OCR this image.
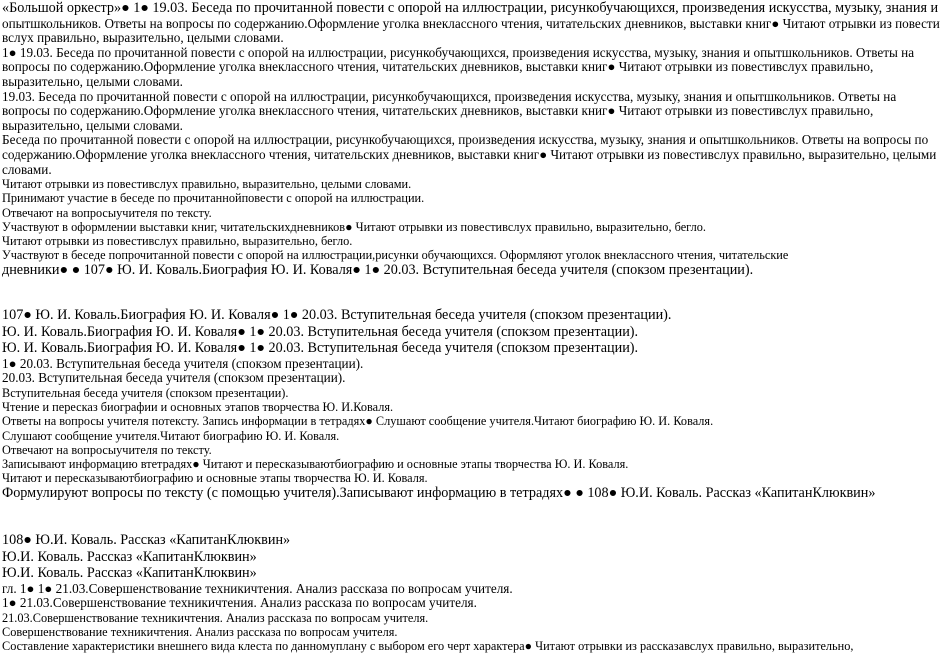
«Большой оркестр»● 1● 19.03. Беседа по прочитанной повести с опорой на иллюстрации, рисункобучающихся, произведения искусства, музыку, знания и

опытшкольников. Ответы на вопросы по содержанию.Оформление уголка внеклассного чтения, читательских дневников, выставки книг● Читают отрывки из повести

вслух правильно, выразительно, целыми словами.

1● 19.03. Беседа по прочитанной повести с опорой на иллюстрации, рисункобучающихся, произведения искусства, музыку, знания и опытшкольников. Ответы на

вопросы по содержанию.Оформление уголка внеклассного чтения, читательских дневников, выставки книг● Читают отрывки из повестивслух правильно,

выразительно, целыми словами.

19.03. Беседа по прочитанной повести с опорой на иллюстрации, рисункобучающихся, произведения искусства, музыку, знания и опытшкольников. Ответы на

вопросы по содержанию.Оформление уголка внеклассного чтения, читательских дневников, выставки книг● Читают отрывки из повестивслух правильно,

выразительно, целыми словами.

Беседа по прочитанной повести с опорой на иллюстрации, рисункобучающихся, произведения искусства, музыку, знания и опытшкольников. Ответы на вопросы по

содержанию.Оформление уголка внеклассного чтения, читательских дневников, выставки книг● Читают отрывки из повестивслух правильно, выразительно, целыми

словами.

Читают отрывки из повестивслух правильно, выразительно, целыми словами.

Принимают участие в беседе по прочитаннойповести с опорой на иллюстрации.

Отвечают на вопросыучителя по тексту.

Участвуют в оформлении выставки книг, читательскихдневников● Читают отрывки из повестивслух правильно, выразительно, бегло.

Читают отрывки из повестивслух правильно, выразительно, бегло.

Участвуют в беседе попрочитанной повести с опорой на иллюстрации,рисунки обучающихся. Оформляют уголок внеклассного чтения, читательские

дневники● ● 107● Ю. И. Коваль.Биография Ю. И. Коваля● 1● 20.03. Вступительная беседа учителя (спокзом презентации).

107● Ю. И. Коваль.Биография Ю. И. Коваля● 1● 20.03. Вступительная беседа учителя (спокзом презентации).

Ю. И. Коваль.Биография Ю. И. Коваля● 1● 20.03. Вступительная беседа учителя (спокзом презентации).

Ю. И. Коваль.Биография Ю. И. Коваля● 1● 20.03. Вступительная беседа учителя (спокзом презентации).

1● 20.03. Вступительная беседа учителя (спокзом презентации).

20.03. Вступительная беседа учителя (спокзом презентации).

Вступительная беседа учителя (спокзом презентации).

Чтение и пересказ биографии и основных этапов творчества Ю. И.Коваля.

Ответы на вопросы учителя потексту. Запись информации в тетрадях● Слушают сообщение учителя.Читают биографию Ю. И. Коваля.

Слушают сообщение учителя.Читают биографию Ю. И. Коваля.

Отвечают на вопросыучителя по тексту.

Записывают информацию втетрадях● Читают и пересказываютбиографию и основные этапы творчества Ю. И. Коваля.

Читают и пересказываютбиографию и основные этапы творчества Ю. И. Коваля.

Формулируют вопросы по тексту (с помощью учителя).Записывают информацию в тетрадях● ● 108● Ю.И. Коваль. Рассказ «КапитанКлюквин»

108● Ю.И. Коваль. Рассказ «КапитанКлюквин»

Ю.И. Коваль. Рассказ «КапитанКлюквин»

Ю.И. Коваль. Рассказ «КапитанКлюквин»

гл. 1● 1● 21.03.Совершенствование техникичтения. Анализ рассказа по вопросам учителя.

1● 21.03.Совершенствование техникичтения. Анализ рассказа по вопросам учителя.

21.03.Совершенствование техникичтения. Анализ рассказа по вопросам учителя.

Совершенствование техникичтения. Анализ рассказа по вопросам учителя.

Составление характеристики внешнего вида клеста по данномуплану с выбором его черт характера● Читают отрывки из рассказавслух правильно, выразительно,
